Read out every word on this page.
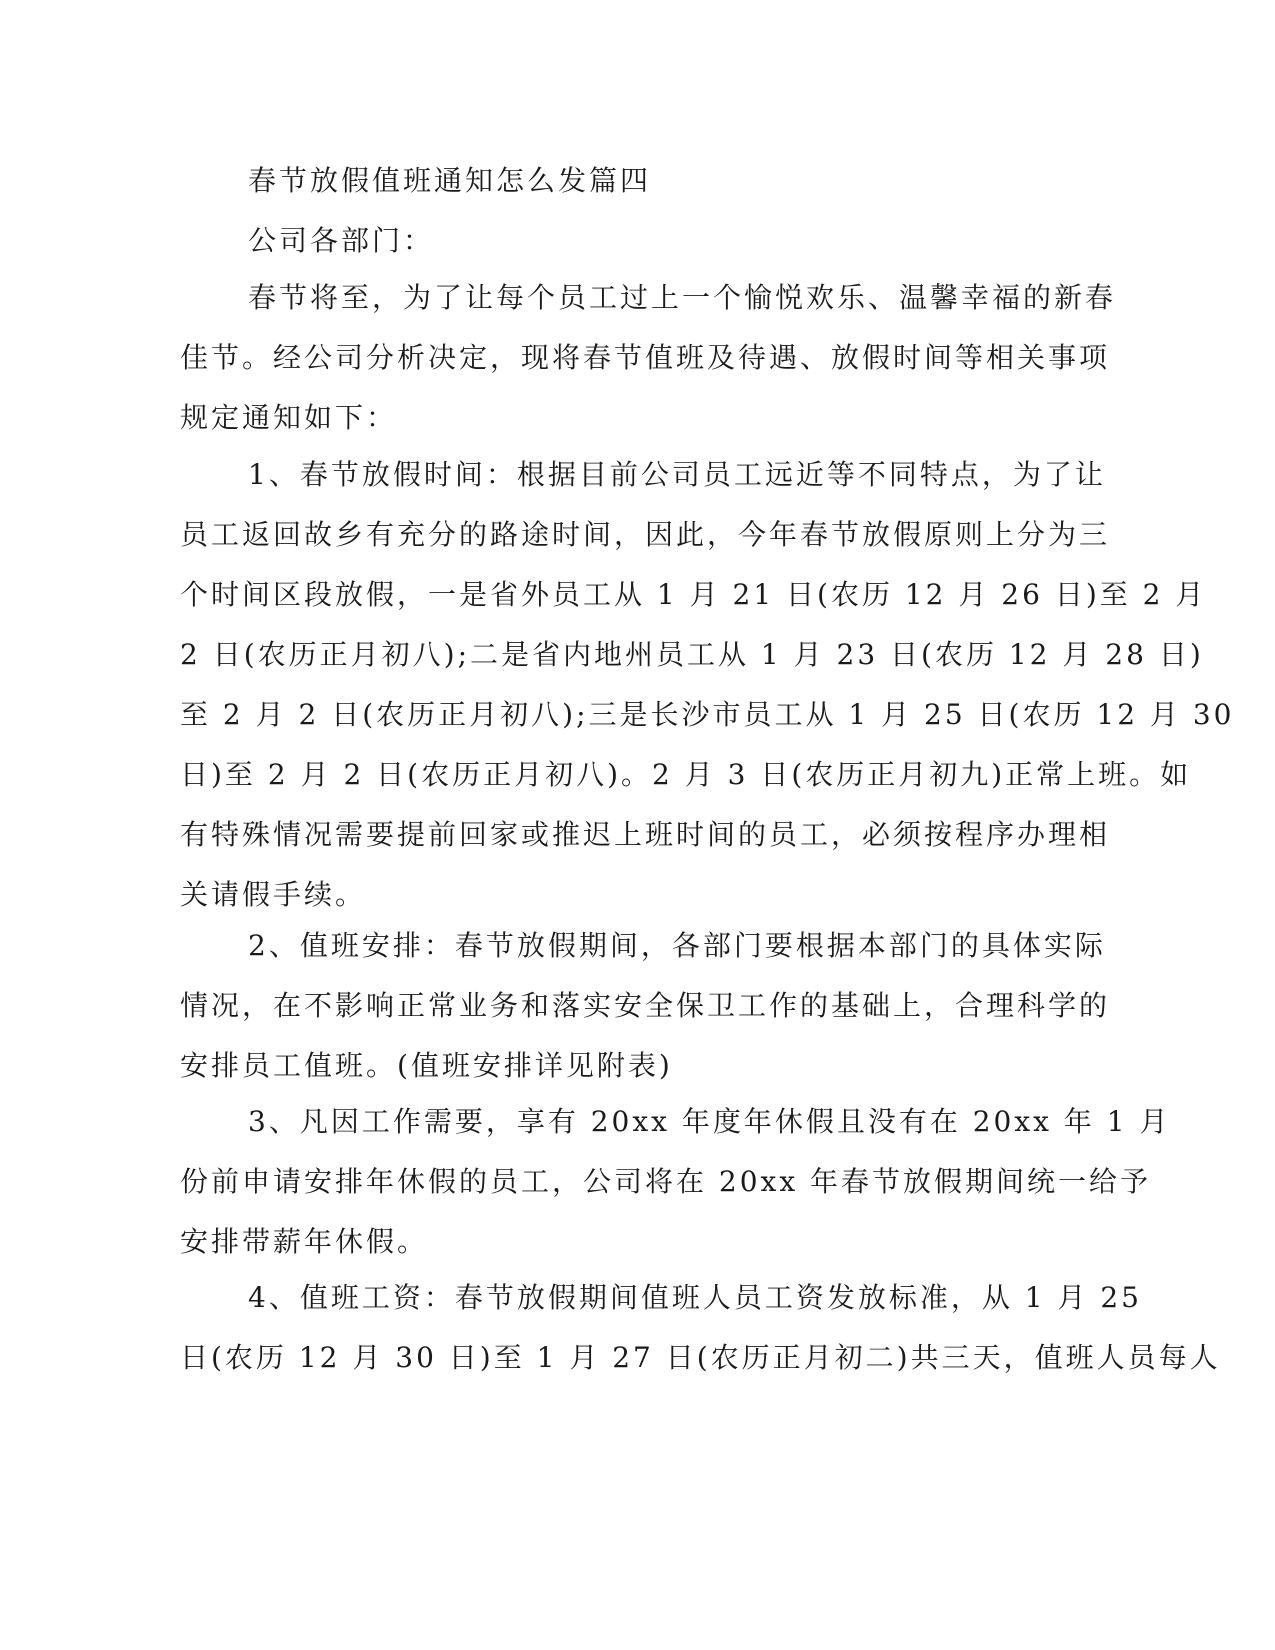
春节放假值班通知怎么发篇四
公司各部门：
春节将至，为了让每个员工过上一个愉悦欢乐、温馨幸福的新春
佳节。经公司分析决定，现将春节值班及待遇、放假时间等相关事项
规定通知如下：
1、春节放假时间：根据目前公司员工远近等不同特点，为了让
员工返回故乡有充分的路途时间，因此，今年春节放假原则上分为三
个时间区段放假，一是省外员工从 1 月 21 日(农历 12 月 26 日)至 2 月
2 日(农历正月初八);二是省内地州员工从 1 月 23 日(农历 12 月 28 日)
至 2 月 2 日(农历正月初八);三是长沙市员工从 1 月 25 日(农历 12 月 30
日)至 2 月 2 日(农历正月初八)。2 月 3 日(农历正月初九)正常上班。如
有特殊情况需要提前回家或推迟上班时间的员工，必须按程序办理相
关请假手续。
2、值班安排：春节放假期间，各部门要根据本部门的具体实际
情况，在不影响正常业务和落实安全保卫工作的基础上，合理科学的
安排员工值班。(值班安排详见附表)
3、凡因工作需要，享有 20xx 年度年休假且没有在 20xx 年 1 月
份前申请安排年休假的员工，公司将在 20xx 年春节放假期间统一给予
安排带薪年休假。
4、值班工资：春节放假期间值班人员工资发放标准，从 1 月 25
日(农历 12 月 30 日)至 1 月 27 日(农历正月初二)共三天，值班人员每人
